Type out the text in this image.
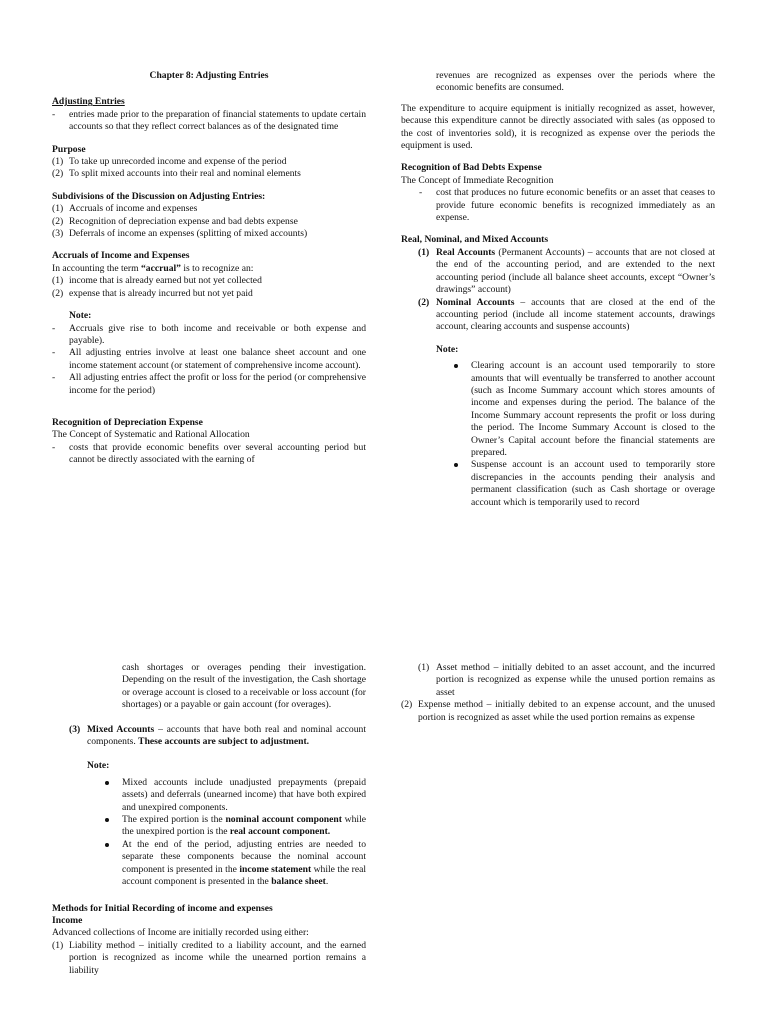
Chapter 8: Adjusting Entries

Adjusting Entries

- entries made prior to the preparation of financial statements to update certain accounts so that they reflect correct balances as of the designated time

Purpose

(1) To take up unrecorded income and expense of the period
(2) To split mixed accounts into their real and nominal elements

Subdivisions of the Discussion on Adjusting Entries:

(1) Accruals of income and expenses
(2) Recognition of depreciation expense and bad debts expense
(3) Deferrals of income an expenses (splitting of mixed accounts)

Accruals of Income and Expenses

In accounting the term “accrual” is to recognize an:

(1) income that is already earned but not yet collected
(2) expense that is already incurred but not yet paid

Note:

- Accruals give rise to both income and receivable or both expense and payable).
- All adjusting entries involve at least one balance sheet account and one income statement account (or statement of comprehensive income account).
- All adjusting entries affect the profit or loss for the period (or comprehensive income for the period)

Recognition of Depreciation Expense

The Concept of Systematic and Rational Allocation

- costs that provide economic benefits over several accounting period but cannot be directly associated with the earning of

revenues are recognized as expenses over the periods where the economic benefits are consumed.

The expenditure to acquire equipment is initially recognized as asset, however, because this expenditure cannot be directly associated with sales (as opposed to the cost of inventories sold), it is recognized as expense over the periods the equipment is used.

Recognition of Bad Debts Expense

The Concept of Immediate Recognition

- cost that produces no future economic benefits or an asset that ceases to provide future economic benefits is recognized immediately as an expense.

Real, Nominal, and Mixed Accounts

(1) Real Accounts (Permanent Accounts) – accounts that are not closed at the end of the accounting period, and are extended to the next accounting period (include all balance sheet accounts, except “Owner’s drawings” account)
(2) Nominal Accounts – accounts that are closed at the end of the accounting period (include all income statement accounts, drawings account, clearing accounts and suspense accounts)

Note:

Clearing account is an account used temporarily to store amounts that will eventually be transferred to another account (such as Income Summary account which stores amounts of income and expenses during the period. The balance of the Income Summary account represents the profit or loss during the period. The Income Summary Account is closed to the Owner’s Capital account before the financial statements are prepared.
Suspense account is an account used to temporarily store discrepancies in the accounts pending their analysis and permanent classification (such as Cash shortage or overage account which is temporarily used to record

cash shortages or overages pending their investigation. Depending on the result of the investigation, the Cash shortage or overage account is closed to a receivable or loss account (for shortages) or a payable or gain account (for overages).

(3) Mixed Accounts – accounts that have both real and nominal account components. These accounts are subject to adjustment.

Note:

Mixed accounts include unadjusted prepayments (prepaid assets) and deferrals (unearned income) that have both expired and unexpired components.
The expired portion is the nominal account component while the unexpired portion is the real account component.
At the end of the period, adjusting entries are needed to separate these components because the nominal account component is presented in the income statement while the real account component is presented in the balance sheet.

Methods for Initial Recording of income and expenses

Income

Advanced collections of Income are initially recorded using either:

(1) Liability method – initially credited to a liability account, and the earned portion is recognized as income while the unearned portion remains a liability
(1) Asset method – initially debited to an asset account, and the incurred portion is recognized as expense while the unused portion remains as asset
(2) Expense method – initially debited to an expense account, and the unused portion is recognized as asset while the used portion remains as expense
